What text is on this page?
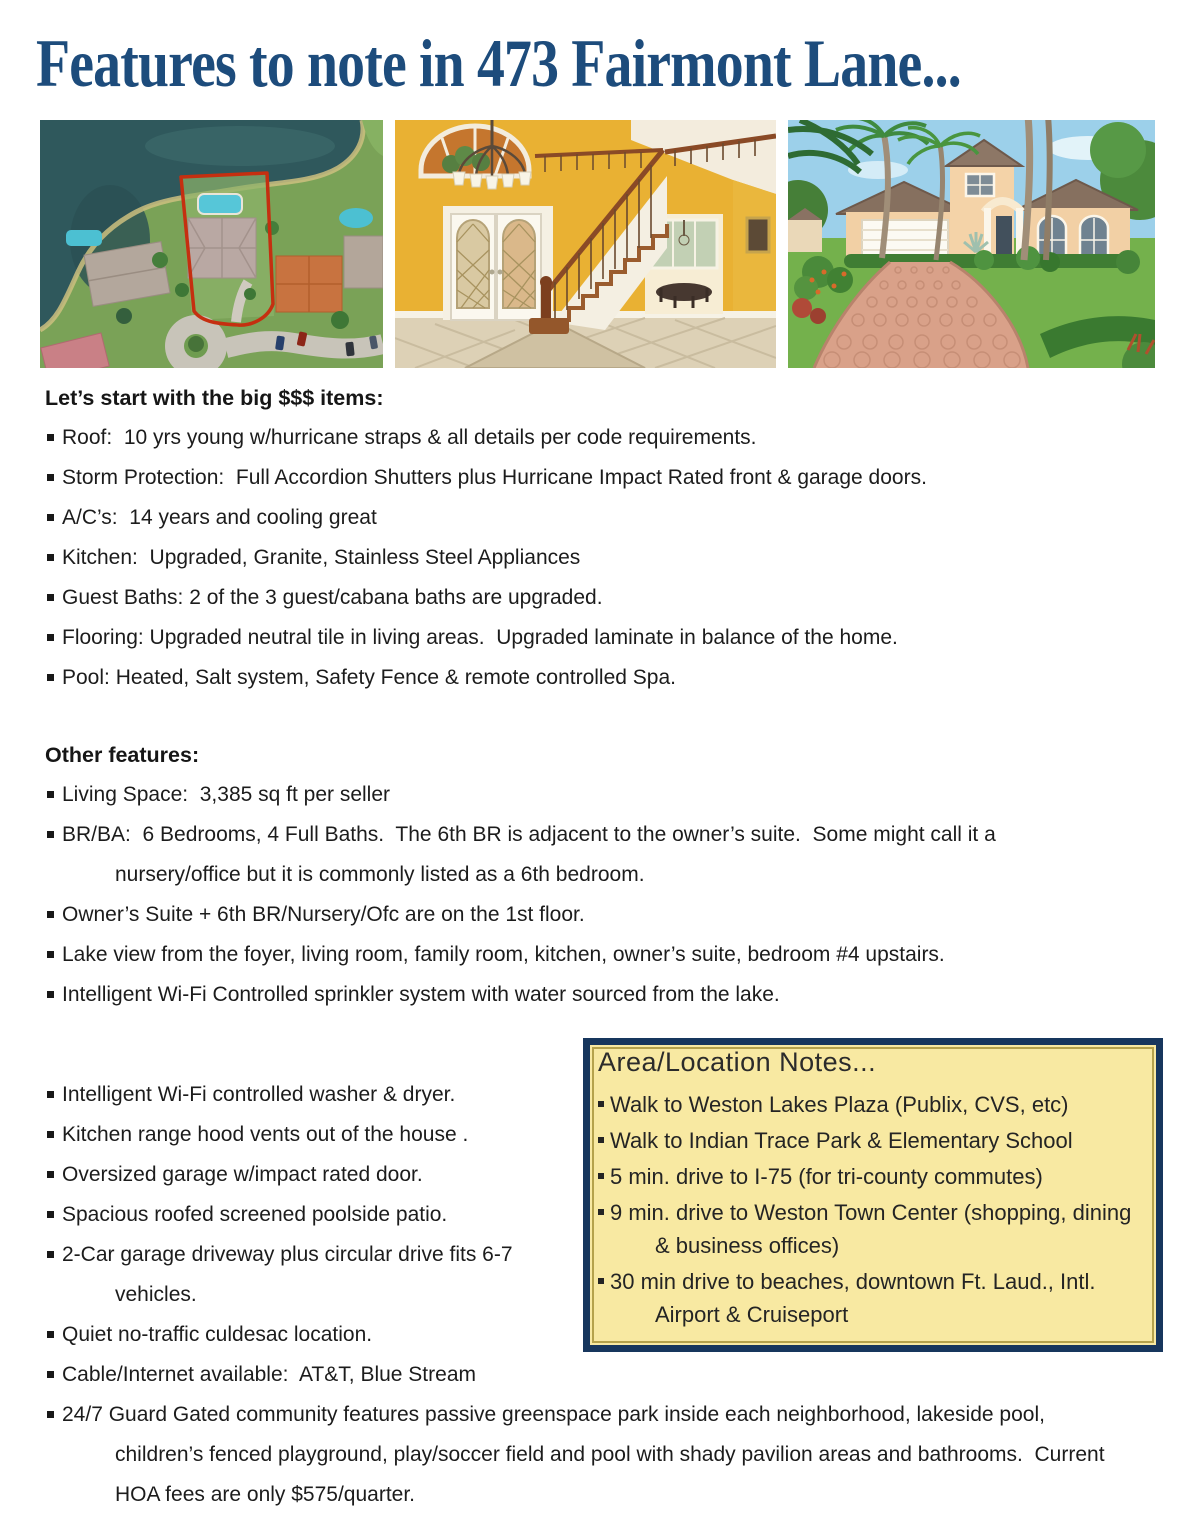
Features to note in 473 Fairmont Lane...
Let’s start with the big $$$ items:
Roof:  10 yrs young w/hurricane straps & all details per code requirements.
Storm Protection:  Full Accordion Shutters plus Hurricane Impact Rated front & garage doors.
A/C’s:  14 years and cooling great
Kitchen:  Upgraded, Granite, Stainless Steel Appliances
Guest Baths: 2 of the 3 guest/cabana baths are upgraded.
Flooring: Upgraded neutral tile in living areas.  Upgraded laminate in balance of the home.
Pool: Heated, Salt system, Safety Fence & remote controlled Spa.
Other features:
Living Space:  3,385 sq ft per seller
BR/BA:  6 Bedrooms, 4 Full Baths.  The 6th BR is adjacent to the owner’s suite.  Some might call it a nursery/office but it is commonly listed as a 6th bedroom.
Owner’s Suite + 6th BR/Nursery/Ofc are on the 1st floor.
Lake view from the foyer, living room, family room, kitchen, owner’s suite, bedroom #4 upstairs.
Intelligent Wi-Fi Controlled sprinkler system with water sourced from the lake.
Intelligent Wi-Fi controlled washer & dryer.
Kitchen range hood vents out of the house .
Oversized garage w/impact rated door.
Spacious roofed screened poolside patio.
2-Car garage driveway plus circular drive fits 6-7 vehicles.
Quiet no-traffic culdesac location.
Cable/Internet available:  AT&T, Blue Stream
Area/Location Notes...
Walk to Weston Lakes Plaza (Publix, CVS, etc)
Walk to Indian Trace Park & Elementary School
5 min. drive to I-75 (for tri-county commutes)
9 min. drive to Weston Town Center (shopping, dining & business offices)
30 min drive to beaches, downtown Ft. Laud., Intl. Airport & Cruiseport
24/7 Guard Gated community features passive greenspace park inside each neighborhood, lakeside pool, children’s fenced playground, play/soccer field and pool with shady pavilion areas and bathrooms.  Current HOA fees are only $575/quarter.
